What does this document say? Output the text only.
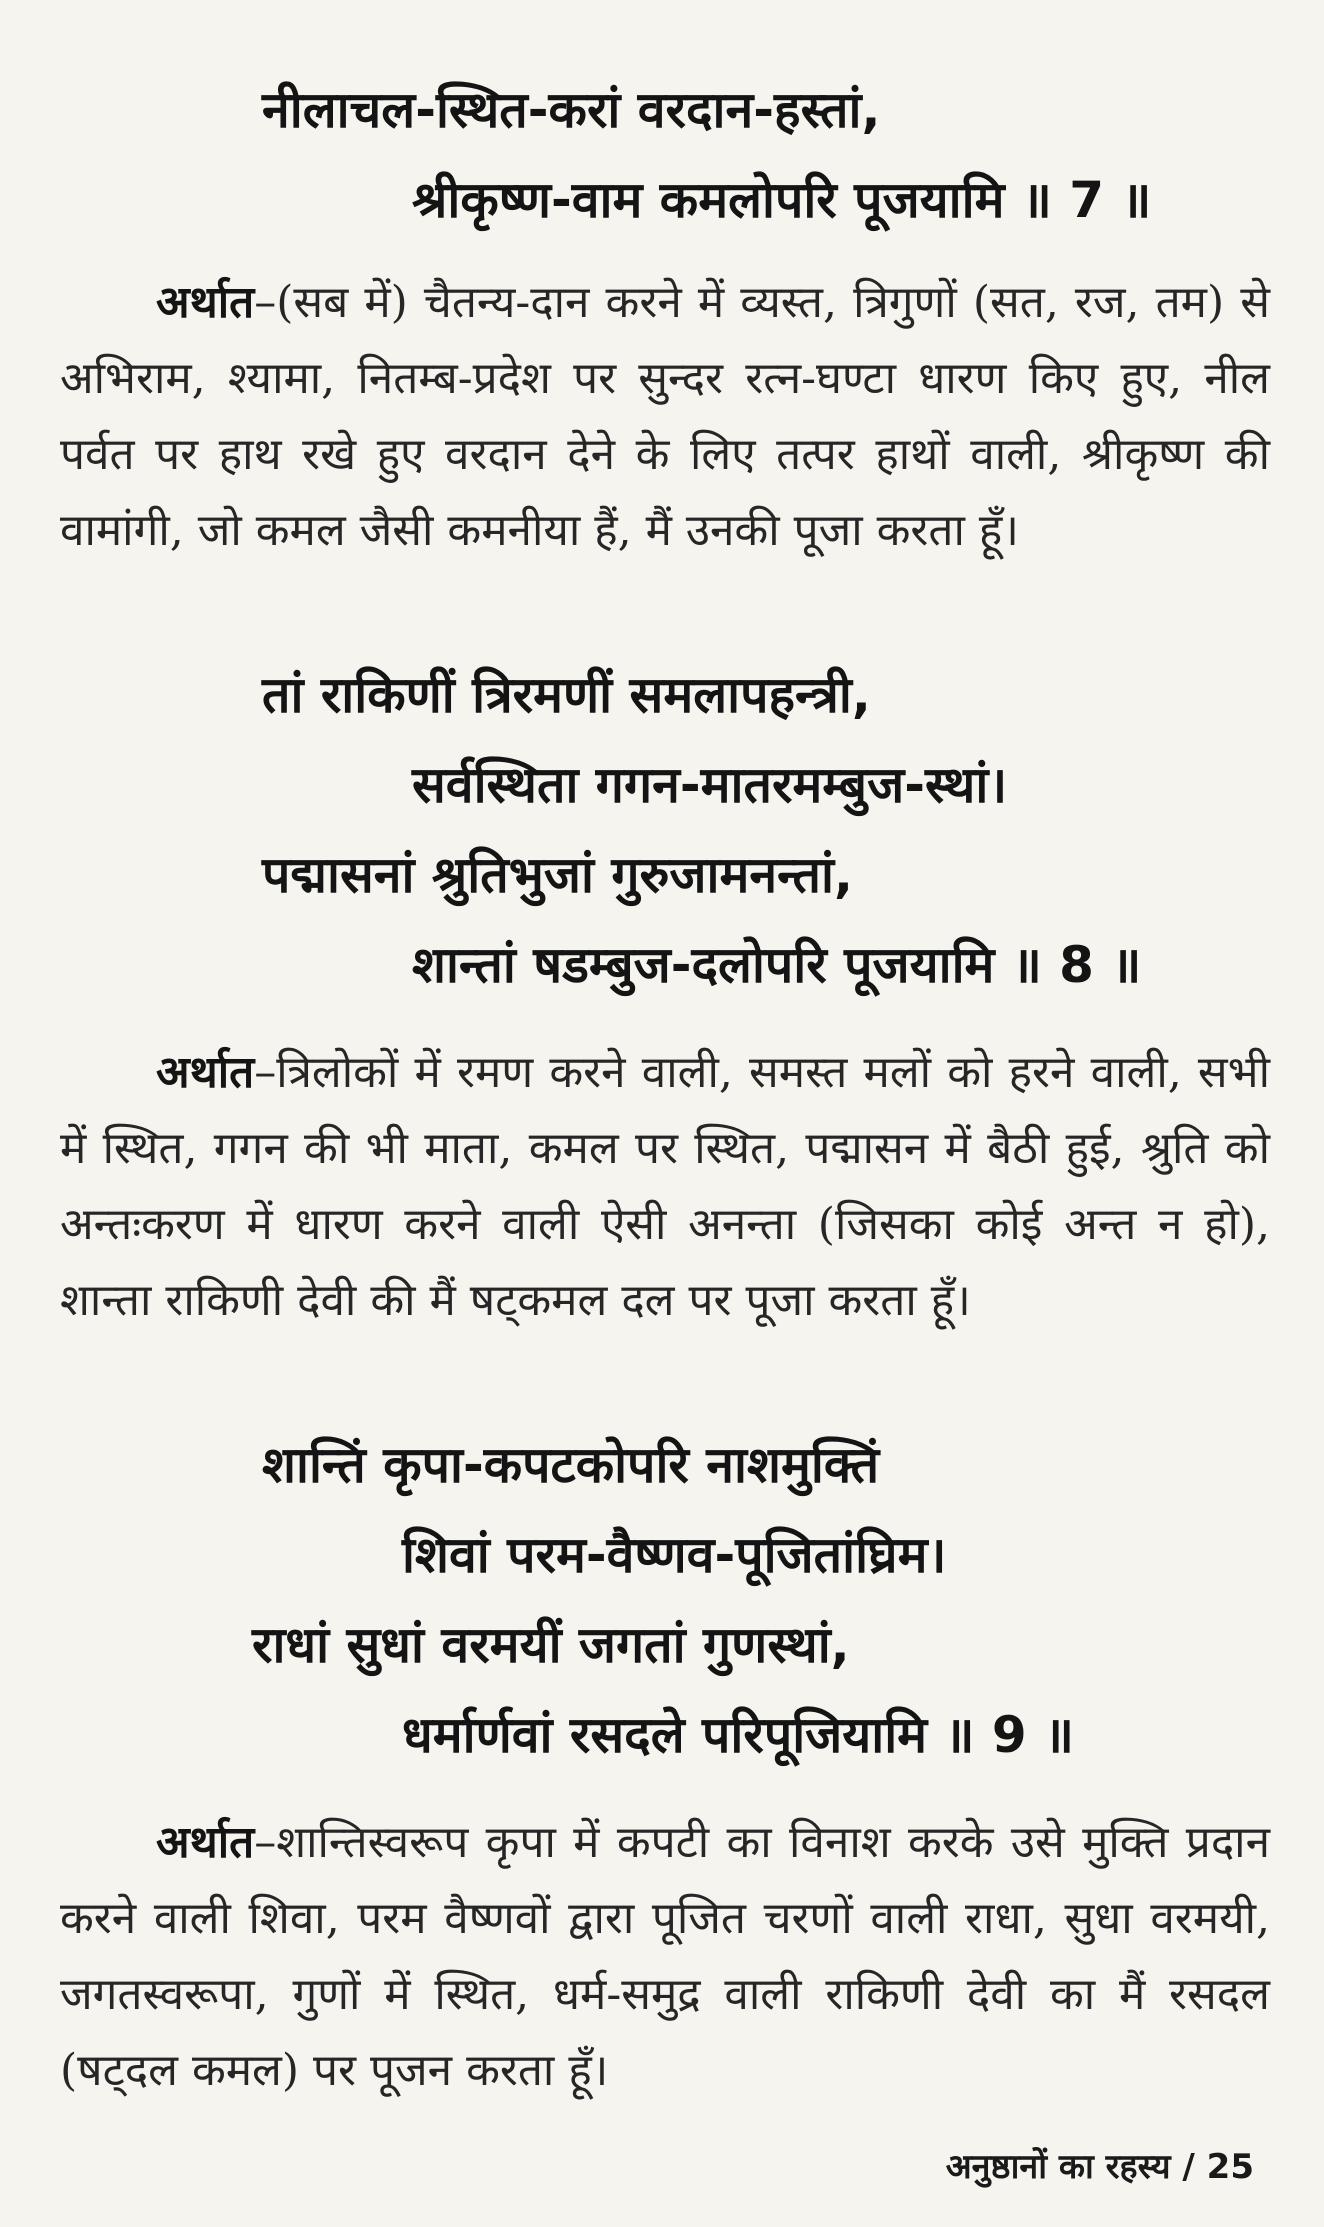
नीलाचल-स्थित-करां वरदान-हस्तां,
श्रीकृष्ण-वाम कमलोपरि पूजयामि ॥ 7 ॥
अर्थात–(सब में) चैतन्य-दान करने में व्यस्त, त्रिगुणों (सत, रज, तम) से अभिराम, श्यामा, नितम्ब-प्रदेश पर सुन्दर रत्न-घण्टा धारण किए हुए, नील पर्वत पर हाथ रखे हुए वरदान देने के लिए तत्पर हाथों वाली, श्रीकृष्ण की वामांगी, जो कमल जैसी कमनीया हैं, मैं उनकी पूजा करता हूँ।
तां राकिणीं त्रिरमणीं समलापहन्त्री,
सर्वस्थिता गगन-मातरमम्बुज-स्थां।
पद्मासनां श्रुतिभुजां गुरुजामनन्तां,
शान्तां षडम्बुज-दलोपरि पूजयामि ॥ 8 ॥
अर्थात–त्रिलोकों में रमण करने वाली, समस्त मलों को हरने वाली, सभी में स्थित, गगन की भी माता, कमल पर स्थित, पद्मासन में बैठी हुई, श्रुति को अन्तःकरण में धारण करने वाली ऐसी अनन्ता (जिसका कोई अन्त न हो), शान्ता राकिणी देवी की मैं षट्कमल दल पर पूजा करता हूँ।
शान्तिं कृपा-कपटकोपरि नाशमुक्तिं
शिवां परम-वैष्णव-पूजितांघ्रिम।
राधां सुधां वरमयीं जगतां गुणस्थां,
धर्मार्णवां रसदले परिपूजियामि ॥ 9 ॥
अर्थात–शान्तिस्वरूप कृपा में कपटी का विनाश करके उसे मुक्ति प्रदान करने वाली शिवा, परम वैष्णवों द्वारा पूजित चरणों वाली राधा, सुधा वरमयी, जगतस्वरूपा, गुणों में स्थित, धर्म-समुद्र वाली राकिणी देवी का मैं रसदल (षट्दल कमल) पर पूजन करता हूँ।
अनुष्ठानों का रहस्य / 25
